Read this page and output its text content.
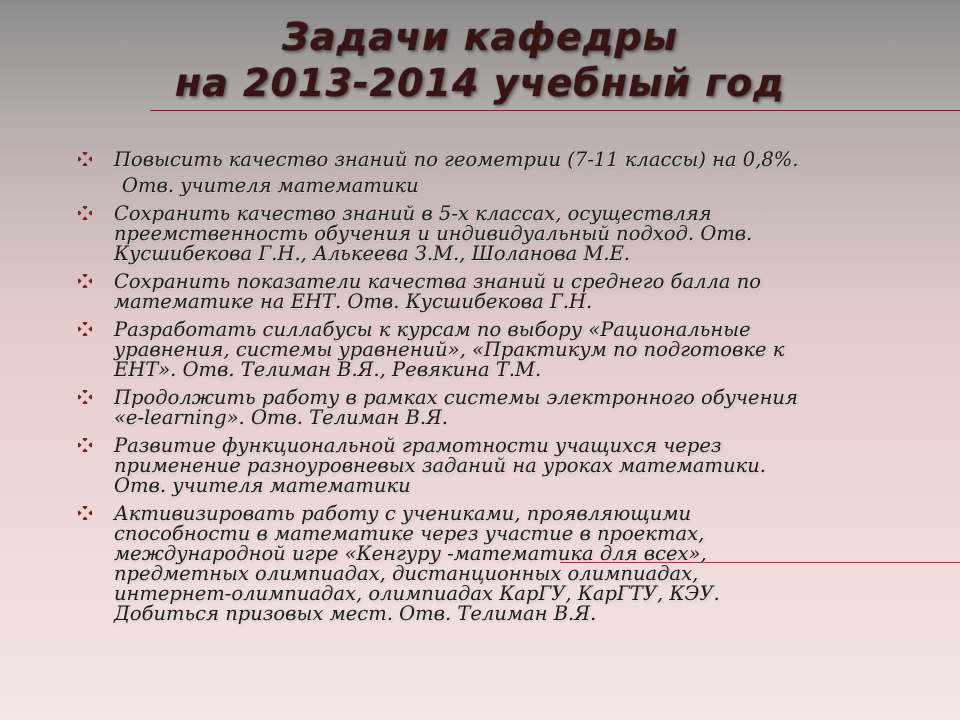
Задачи кафедры
на 2013-2014 учебный год
Повысить качество знаний по геометрии (7-11 классы) на 0,8%.
Отв. учителя математики
Сохранить качество знаний в 5-х классах, осуществляя
преемственность обучения и индивидуальный подход. Отв.
Кусшибекова Г.Н., Алькеева З.М., Шоланова М.Е.
Сохранить показатели качества знаний и среднего балла по
математике на ЕНТ. Отв. Кусшибекова Г.Н.
Разработать силлабусы к курсам по выбору «Рациональные
уравнения, системы уравнений», «Практикум по подготовке к
ЕНТ». Отв. Телиман В.Я., Ревякина Т.М.
Продолжить работу в рамках системы электронного обучения
«e-learning». Отв. Телиман В.Я.
Развитие функциональной грамотности учащихся через
применение разноуровневых заданий на уроках математики.
Отв. учителя математики
Активизировать работу с учениками, проявляющими
способности в математике через участие в проектах,
международной игре «Кенгуру -математика для всех»,
предметных олимпиадах, дистанционных олимпиадах,
интернет-олимпиадах, олимпиадах КарГУ, КарГТУ, КЭУ.
Добиться призовых мест. Отв. Телиман В.Я.
